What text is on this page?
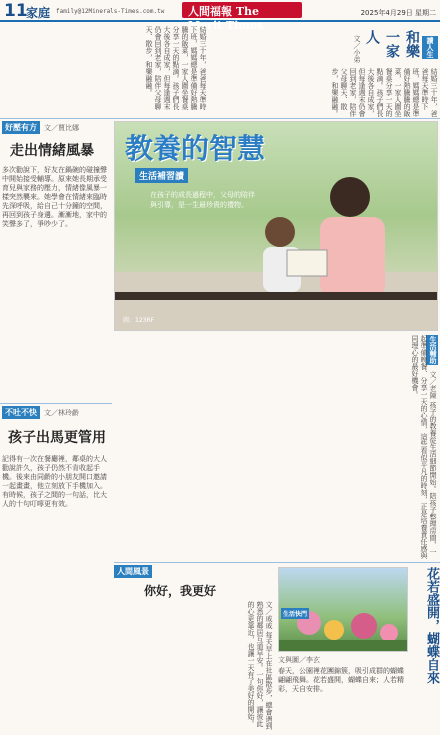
11
家庭 family@12Minerals-Times.com.tw	人間福報 The Merit Times
2025年4月29日 星期二
讀人生
和樂一家人
文／小弟
結婚三十年，爸爸每天準時下班，媽媽總是準備好熱騰騰的飯菜，一家人圍坐餐桌分享一天的點滴。孩子們長大後各自成家，但每逢週末仍會回到老家，陪伴父母聊天、散步，和樂融融。
結婚三十年，爸爸每天準時下班，媽媽總是準備好熱騰騰的飯菜，一家人圍坐餐桌分享一天的點滴。孩子們長大後各自成家，但每逢週末仍會回到老家，陪伴父母聊天、散步，和樂融融。
好壓有方	文／賈比娜
走出情緒風暴
多次勸說下，好友在鍋碗的碰撞聲中開始接受輔導。原來她長期承受育兒與家務的壓力，情緒像風暴一樣突然襲來。她學會在情緒來臨時先深呼吸，給自己十分鐘的空間，再回到孩子身邊。漸漸地，家中的笑聲多了，爭吵少了。
教養的智慧
生活補習讀
在孩子的成長過程中，父母的陪伴與引導，是一生最珍貴的禮物。
圖：123RF
生活輔助 文／老陳 孩子的教養從生活細節開始。陪孩子整理房間、一起準備晚餐、分享一天的心情，這些看似平凡的時刻，正是培養責任感與同理心的最好機會。
不吐不快	文／林玲齡
孩子出馬更管用
記得有一次在餐廳裡，鄰桌的大人勸說許久，孩子仍然不肯收起手機。後來由同齡的小朋友開口邀請一起畫畫，他立刻放下手機加入。有時候，孩子之間的一句話，比大人的十句叮嚀更有效。
人間風景
你好，我更好
文／戚戚 每天早上在社區散步，總會遇到熟悉的鄰居互道早安。一句你好，讓彼此的心更靠近，也讓一天有了美好的開始。	生活快門	花若盛開，蝴蝶自來
文與圖／李玄
春天，公園裡花團錦簇，吸引成群的蝴蝶翩翩飛舞。花若盛開，蝴蝶自來；人若精彩，天自安排。
